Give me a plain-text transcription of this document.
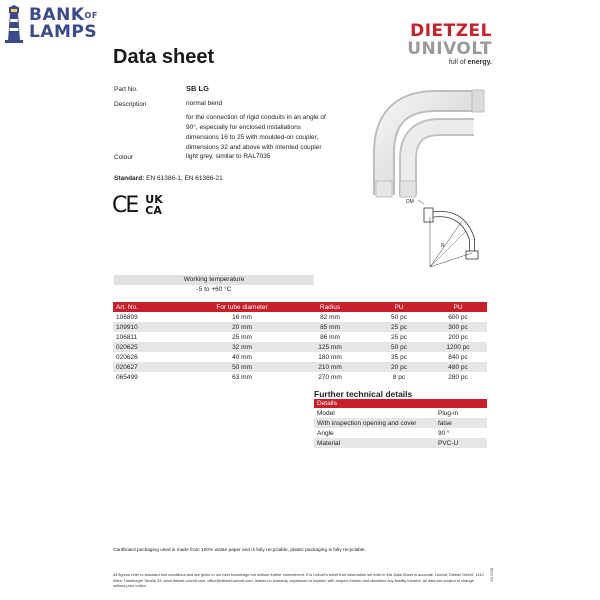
$BANK^{OF}$
LAMPS	DIETZEL
UNIVOLT
full of energy.
Data sheet
Part No.	SB LG
Description	normal bend
for the connection of rigid conduits in an angle of
90°, especially for enclosed installations
dimensions 16 to 25 with moulded-on coupler,
dimensions 32 and above with intented coupler
Colour	light grey, similar to RAL7035
Standard: EN 61386-1, EN 61386-21
CE UK
CA
DM
R
Working temperature
-5 to +60 °C
Art. No.	For tube diameter	Radius	PU	PU
106809	16 mm	82 mm	50 pc	600 pc
109910	20 mm	85 mm	25 pc	300 pc
106811	25 mm	86 mm	25 pc	200 pc
020625	32 mm	125 mm	50 pc	1200 pc
020626	40 mm	180 mm	35 pc	840 pc
020627	50 mm	210 mm	20 pc	480 pc
065499	63 mm	270 mm	8 pc	280 pc
Further technical details
Details	
Model	Plug-in
With inspection opening and cover	false
Angle	90 °
Material	PVC-U
Cardboard packaging used is made from 100% waste paper and is fully recyclable, plastic packaging is fully recyclable.
All figures refer to standard test conditions and are given to our best knowledge but without further commitment. It is Univolt's belief that information set forth in this Data Sheet is accurate. Univolt, Dietzel GmbH, 1110 Wien, Hainburger Straße 33, www.dietzel-univolt.com, office@dietzel-univolt.com, makes no warranty, expressed or implied, with respect thereto and disclaims any liability therefor. All data are subject to change without prior notice.
V1.0.00
